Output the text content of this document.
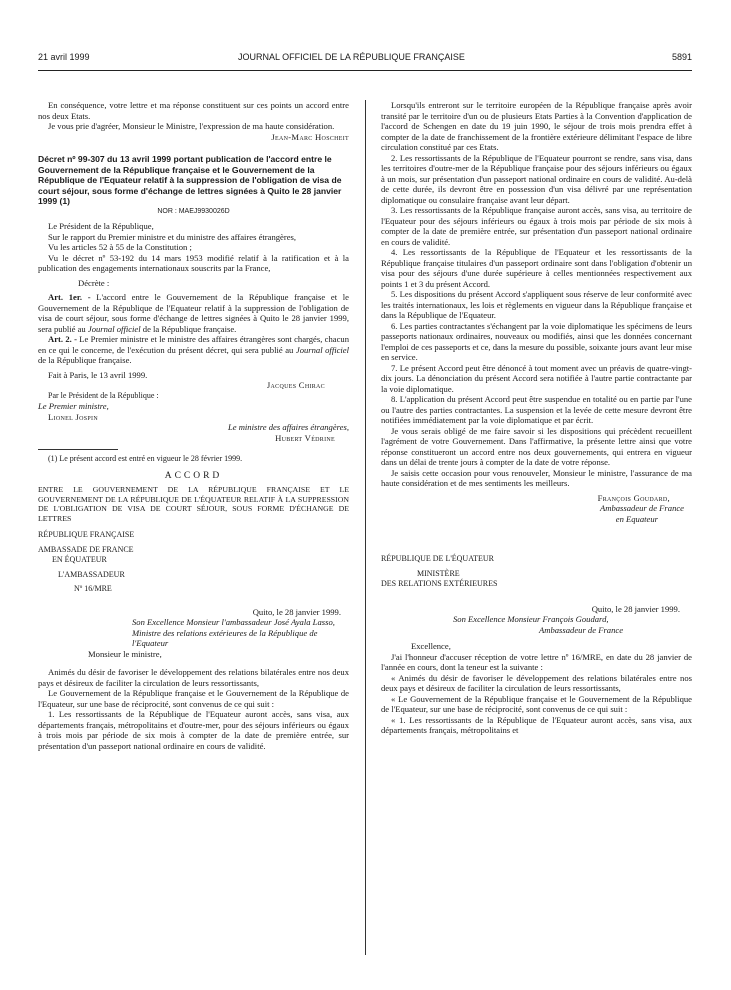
21 avril 1999	JOURNAL OFFICIEL DE LA RÉPUBLIQUE FRANÇAISE	5891

En conséquence, votre lettre et ma réponse constituent sur ces points un accord entre nos deux Etats.

Je vous prie d'agréer, Monsieur le Ministre, l'expression de ma haute considération.

Jean-Marc Hoscheit

Décret nº 99-307 du 13 avril 1999 portant publication de l'accord entre le Gouvernement de la République française et le Gouvernement de la République de l'Equateur relatif à la suppression de l'obligation de visa de court séjour, sous forme d'échange de lettres signées à Quito le 28 janvier 1999 (1)

NOR : MAEJ9930026D

Le Président de la République,

Sur le rapport du Premier ministre et du ministre des affaires étrangères,

Vu les articles 52 à 55 de la Constitution ;

Vu le décret nº 53-192 du 14 mars 1953 modifié relatif à la ratification et à la publication des engagements internationaux souscrits par la France,

Décrète :

Art. 1er. - L'accord entre le Gouvernement de la République française et le Gouvernement de la République de l'Equateur relatif à la suppression de l'obligation de visa de court séjour, sous forme d'échange de lettres signées à Quito le 28 janvier 1999, sera publié au Journal officiel de la République française.

Art. 2. - Le Premier ministre et le ministre des affaires étrangères sont chargés, chacun en ce qui le concerne, de l'exécution du présent décret, qui sera publié au Journal officiel de la République française.

Fait à Paris, le 13 avril 1999.

Jacques Chirac

Par le Président de la République :

Le Premier ministre,

Lionel Jospin

Le ministre des affaires étrangères,

Hubert Védrine

(1) Le présent accord est entré en vigueur le 28 février 1999.

ACCORD

ENTRE LE GOUVERNEMENT DE LA RÉPUBLIQUE FRANÇAISE ET LE GOUVERNEMENT DE LA RÉPUBLIQUE DE L'ÉQUATEUR RELATIF À LA SUPPRESSION DE L'OBLIGATION DE VISA DE COURT SÉJOUR, SOUS FORME D'ÉCHANGE DE LETTRES

RÉPUBLIQUE FRANÇAISE

AMBASSADE DE FRANCE

EN ÉQUATEUR

L'AMBASSADEUR

Nº 16/MRE

Quito, le 28 janvier 1999.

Son Excellence Monsieur l'ambassadeur José Ayala Lasso, Ministre des relations extérieures de la République de l'Equateur

Monsieur le ministre,

Animés du désir de favoriser le développement des relations bilatérales entre nos deux pays et désireux de faciliter la circulation de leurs ressortissants,

Le Gouvernement de la République française et le Gouvernement de la République de l'Equateur, sur une base de réciprocité, sont convenus de ce qui suit :

1. Les ressortissants de la République de l'Equateur auront accès, sans visa, aux départements français, métropolitains et d'outre-mer, pour des séjours inférieurs ou égaux à trois mois par période de six mois à compter de la date de première entrée, sur présentation d'un passeport national ordinaire en cours de validité.

Lorsqu'ils entreront sur le territoire européen de la République française après avoir transité par le territoire d'un ou de plusieurs Etats Parties à la Convention d'application de l'accord de Schengen en date du 19 juin 1990, le séjour de trois mois prendra effet à compter de la date de franchissement de la frontière extérieure délimitant l'espace de libre circulation constitué par ces Etats.

2. Les ressortissants de la République de l'Equateur pourront se rendre, sans visa, dans les territoires d'outre-mer de la République française pour des séjours inférieurs ou égaux à un mois, sur présentation d'un passeport national ordinaire en cours de validité. Au-delà de cette durée, ils devront être en possession d'un visa délivré par une représentation diplomatique ou consulaire française avant leur départ.

3. Les ressortissants de la République française auront accès, sans visa, au territoire de l'Equateur pour des séjours inférieurs ou égaux à trois mois par période de six mois à compter de la date de première entrée, sur présentation d'un passeport national ordinaire en cours de validité.

4. Les ressortissants de la République de l'Equateur et les ressortissants de la République française titulaires d'un passeport ordinaire sont dans l'obligation d'obtenir un visa pour des séjours d'une durée supérieure à celles mentionnées respectivement aux points 1 et 3 du présent Accord.

5. Les dispositions du présent Accord s'appliquent sous réserve de leur conformité avec les traités internationaux, les lois et règlements en vigueur dans la République française et dans la République de l'Equateur.

6. Les parties contractantes s'échangent par la voie diplomatique les spécimens de leurs passeports nationaux ordinaires, nouveaux ou modifiés, ainsi que les données concernant l'emploi de ces passeports et ce, dans la mesure du possible, soixante jours avant leur mise en service.

7. Le présent Accord peut être dénoncé à tout moment avec un préavis de quatre-vingt-dix jours. La dénonciation du présent Accord sera notifiée à l'autre partie contractante par la voie diplomatique.

8. L'application du présent Accord peut être suspendue en totalité ou en partie par l'une ou l'autre des parties contractantes. La suspension et la levée de cette mesure devront être notifiées immédiatement par la voie diplomatique et par écrit.

Je vous serais obligé de me faire savoir si les dispositions qui précèdent recueillent l'agrément de votre Gouvernement. Dans l'affirmative, la présente lettre ainsi que votre réponse constitueront un accord entre nos deux gouvernements, qui entrera en vigueur dans un délai de trente jours à compter de la date de votre réponse.

Je saisis cette occasion pour vous renouveler, Monsieur le ministre, l'assurance de ma haute considération et de mes sentiments les meilleurs.

François Goudard,

Ambassadeur de France

en Equateur

RÉPUBLIQUE DE L'ÉQUATEUR

MINISTÈRE

DES RELATIONS EXTÉRIEURES

Quito, le 28 janvier 1999.

Son Excellence Monsieur François Goudard,

Ambassadeur de France

Excellence,

J'ai l'honneur d'accuser réception de votre lettre nº 16/MRE, en date du 28 janvier de l'année en cours, dont la teneur est la suivante :

« Animés du désir de favoriser le développement des relations bilatérales entre nos deux pays et désireux de faciliter la circulation de leurs ressortissants,

« Le Gouvernement de la République française et le Gouvernement de la République de l'Equateur, sur une base de réciprocité, sont convenus de ce qui suit :

« 1. Les ressortissants de la République de l'Equateur auront accès, sans visa, aux départements français, métropolitains et
